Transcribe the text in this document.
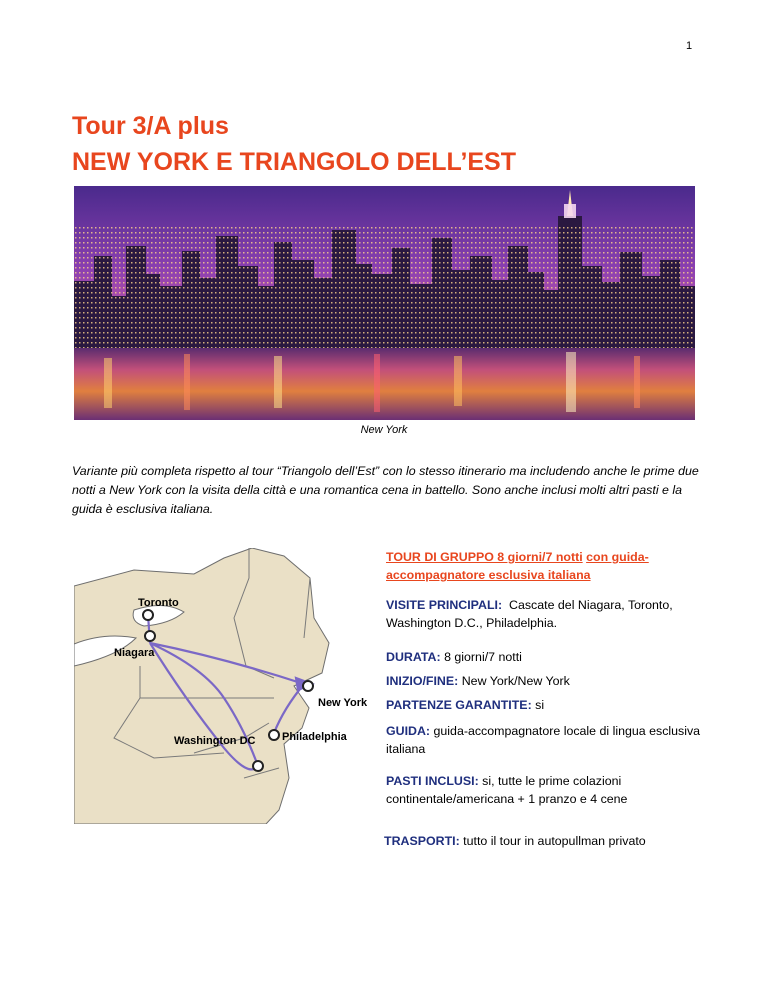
1
Tour 3/A plus
NEW YORK E TRIANGOLO DELL’EST
New York

Variante più completa rispetto al tour “Triangolo dell’Est” con lo stesso itinerario ma includendo anche le prime due notti a New York con la visita della città e una romantica cena in battello. Sono anche inclusi molti altri pasti e la guida è esclusiva italiana.

Toronto
Niagara
New York
Washington DC Philadelphia

TOUR DI GRUPPO 8 giorni/7 notti con guida-accompagnatore esclusiva italiana

VISITE PRINCIPALI: Cascate del Niagara, Toronto, Washington D.C., Philadelphia.

DURATA: 8 giorni/7 notti

INIZIO/FINE: New York/New York

PARTENZE GARANTITE: si

GUIDA: guida-accompagnatore locale di lingua esclusiva italiana

PASTI INCLUSI: si, tutte le prime colazioni continentale/americana + 1 pranzo e 4 cene

TRASPORTI: tutto il tour in autopullman privato
